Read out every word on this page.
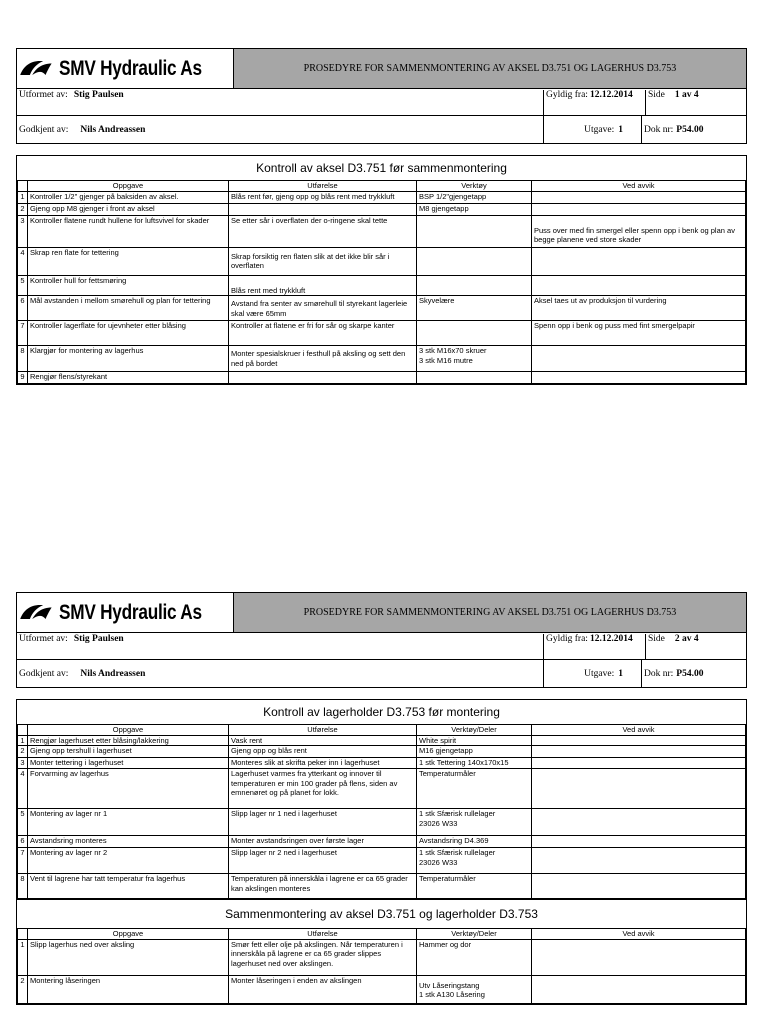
SMV Hydraulic As	PROSEDYRE FOR SAMMENMONTERING AV AKSEL D3.751 OG LAGERHUS D3.753
Utformet av: Stig Paulsen	Gyldig fra: 12.12.2014	Side 1 av 4
Godkjent av: Nils Andreassen	Utgave: 1	Dok nr: P54.00
Kontroll av aksel D3.751 før sammenmontering
	Oppgave	Utførelse	Verktøy	Ved avvik
1	Kontroller 1/2" gjenger på baksiden av aksel.	Blås rent før, gjeng opp og blås rent med trykkluft	BSP 1/2"gjengetapp	
2	Gjeng opp M8 gjenger i front av aksel		M8 gjengetapp	
3	Kontroller flatene rundt hullene for luftsvivel for skader	Se etter sår i overflaten der o-ringene skal tette		Puss over med fin smergel eller spenn opp i benk og plan av begge planene ved store skader
4	Skrap ren flate for tettering	Skrap forsiktig ren flaten slik at det ikke blir sår i overflaten		
5	Kontroller hull for fettsmøring	Blås rent med trykkluft		
6	Mål avstanden i mellom smørehull og plan for tettering	Avstand fra senter av smørehull til styrekant lagerleie skal være 65mm	Skyvelære	Aksel taes ut av produksjon til vurdering
7	Kontroller lagerflate for ujevnheter etter blåsing	Kontroller at flatene er fri for sår og skarpe kanter		Spenn opp i benk og puss med fint smergelpapir
8	Klargjør for montering av lagerhus	Monter spesialskruer i festhull på aksling og sett den ned på bordet	3 stk M16x70 skruer
3 stk M16 mutre	
9	Rengjør flens/styrekant			
SMV Hydraulic As	PROSEDYRE FOR SAMMENMONTERING AV AKSEL D3.751 OG LAGERHUS D3.753
Utformet av: Stig Paulsen	Gyldig fra: 12.12.2014	Side 2 av 4
Godkjent av: Nils Andreassen	Utgave: 1	Dok nr: P54.00
Kontroll av lagerholder D3.753 før montering
	Oppgave	Utførelse	Verktøy/Deler	Ved avvik
1	Rengjør lagerhuset etter blåsing/lakkering	Vask rent	White spirit	
2	Gjeng opp tershull i lagerhuset	Gjeng opp og blås rent	M16 gjengetapp	
3	Monter tettering i lagerhuset	Monteres slik at skrifta peker inn i lagerhuset	1 stk Tettering 140x170x15	
4	Forvarming av lagerhus	Lagerhuset varmes fra ytterkant og innover til temperaturen er min 100 grader på flens, siden av emnenøret og på planet for lokk.	Temperaturmåler	
5	Montering av lager nr 1	Slipp lager nr 1 ned i lagerhuset	1 stk Sfærisk rullelager
23026 W33	
6	Avstandsring monteres	Monter avstandsringen over første lager	Avstandsring D4.369	
7	Montering av lager nr 2	Slipp lager nr 2 ned i lagerhuset	1 stk Sfærisk rullelager
23026 W33	
8	Vent til lagrene har tatt temperatur fra lagerhus	Temperaturen på innerskåla i lagrene er ca 65 grader kan akslingen monteres	Temperaturmåler	
Sammenmontering av aksel D3.751 og lagerholder D3.753
	Oppgave	Utførelse	Verktøy/Deler	Ved avvik
1	Slipp lagerhus ned over aksling	Smør fett eller olje på akslingen. Når temperaturen i innerskåla på lagrene er ca 65 grader slippes lagerhuset ned over akslingen.	Hammer og dor	
2	Montering låseringen	Monter låseringen i enden av akslingen	Utv Låseringstang
1 stk A130 Låsering	
